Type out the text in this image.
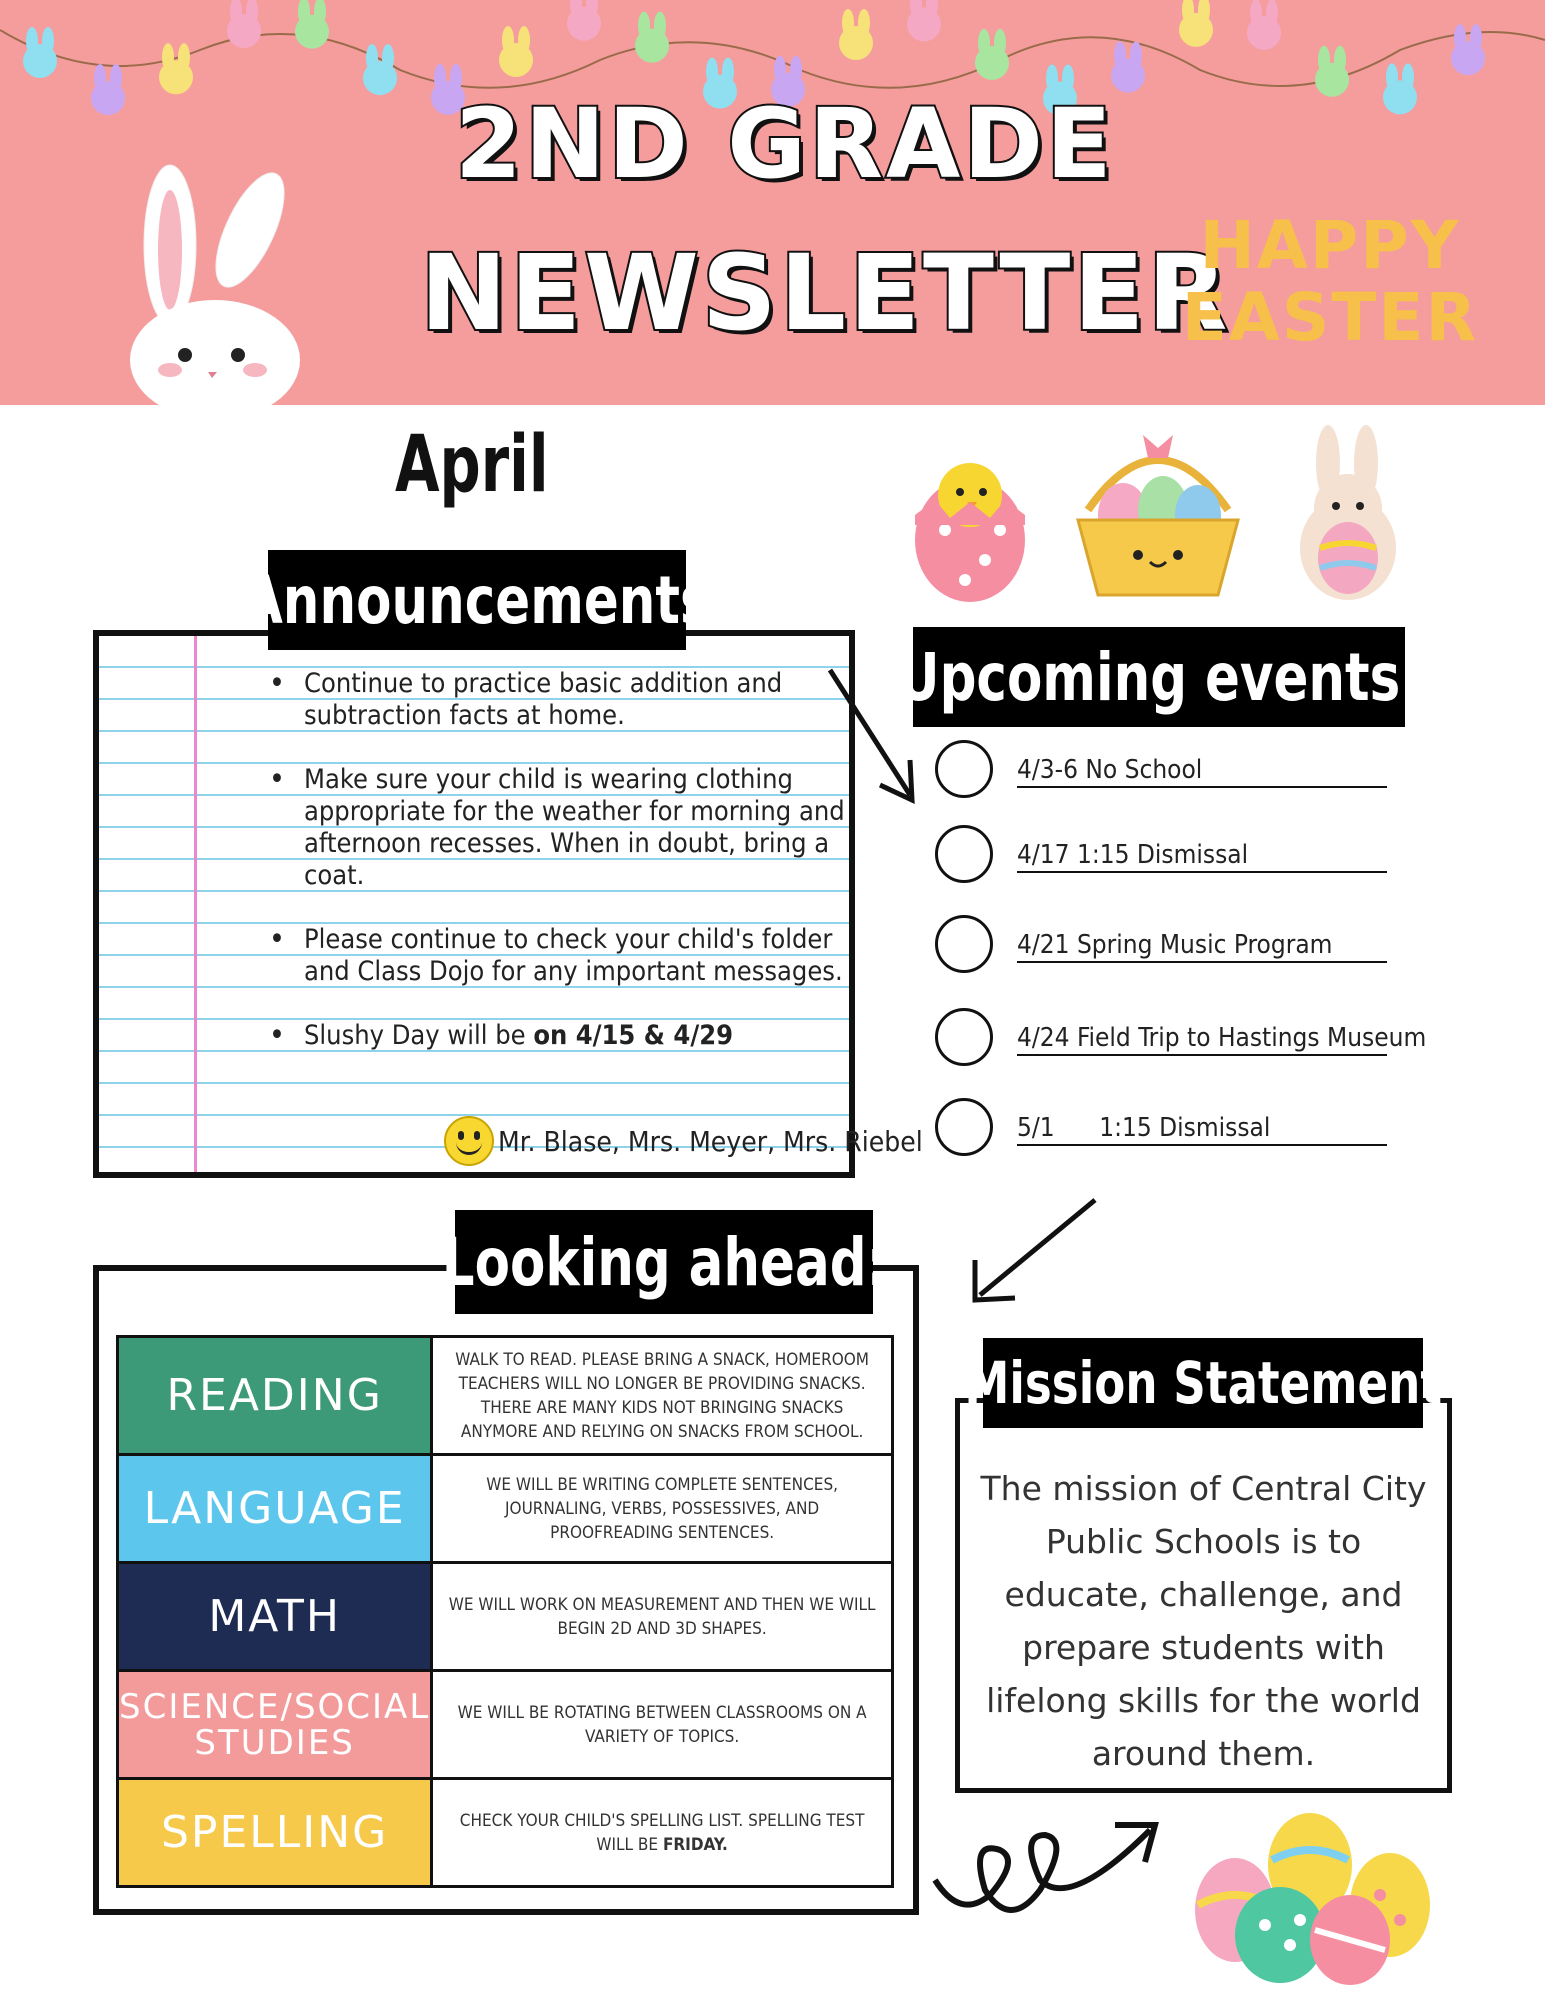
2ND GRADE
NEWSLETTER
HAPPY EASTER
April
• Continue to practice basic addition and subtraction facts at home.
• Make sure your child is wearing clothing appropriate for the weather for morning and afternoon recesses. When in doubt, bring a coat.
• Please continue to check your child's folder and Class Dojo for any important messages.
• Slushy Day will be on 4/15 & 4/29
Mr. Blase, Mrs. Meyer, Mrs. Riebel
Announcements
Upcoming events:
4/3-6 No School
4/17 1:15 Dismissal
4/21 Spring Music Program
4/24 Field Trip to Hastings Museum
5/1      1:15 Dismissal
Looking ahead:
READING	WALK TO READ. PLEASE BRING A SNACK, HOMEROOM TEACHERS WILL NO LONGER BE PROVIDING SNACKS. THERE ARE MANY KIDS NOT BRINGING SNACKS ANYMORE AND RELYING ON SNACKS FROM SCHOOL.
LANGUAGE	WE WILL BE WRITING COMPLETE SENTENCES, JOURNALING, VERBS, POSSESSIVES, AND PROOFREADING SENTENCES.
MATH	WE WILL WORK ON MEASUREMENT AND THEN WE WILL BEGIN 2D AND 3D SHAPES.
SCIENCE/SOCIAL STUDIES	WE WILL BE ROTATING BETWEEN CLASSROOMS ON A VARIETY OF TOPICS.
SPELLING	CHECK YOUR CHILD'S SPELLING LIST. SPELLING TEST WILL BE FRIDAY.
Mission Statement
The mission of Central City Public Schools is to educate, challenge, and prepare students with lifelong skills for the world around them.
